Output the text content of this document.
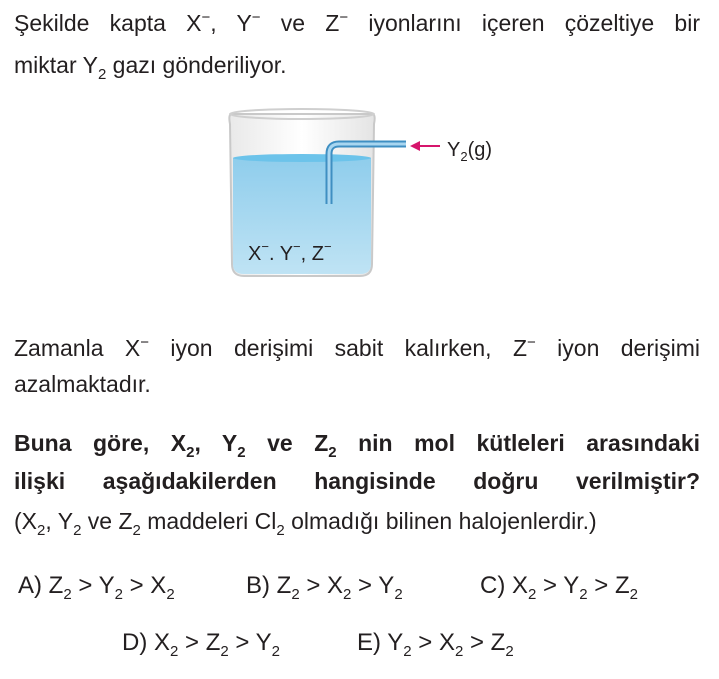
Şekilde kapta X−, Y− ve Z− iyonlarını içeren çözeltiye bir
miktar $Y_2$ gazı gönderiliyor.
$Y_2(g)$
X−. Y−, Z−
Zamanla X− iyon derişimi sabit kalırken, Z− iyon derişimi
azalmaktadır.
Buna göre, $X_2$, $Y_2$ ve $Z_2$ nin mol kütleleri arasındaki
ilişki aşağıdakilerden hangisinde doğru verilmiştir?
($X_2$, $Y_2$ ve $Z_2$ maddeleri $Cl_2$ olmadığı bilinen halojenlerdir.)
A) $Z_2 > Y_2 > X_2$	B) $Z_2 > X_2 > Y_2$	C) $X_2 > Y_2 > Z_2$
D) $X_2 > Z_2 > Y_2$	E) $Y_2 > X_2 > Z_2$
